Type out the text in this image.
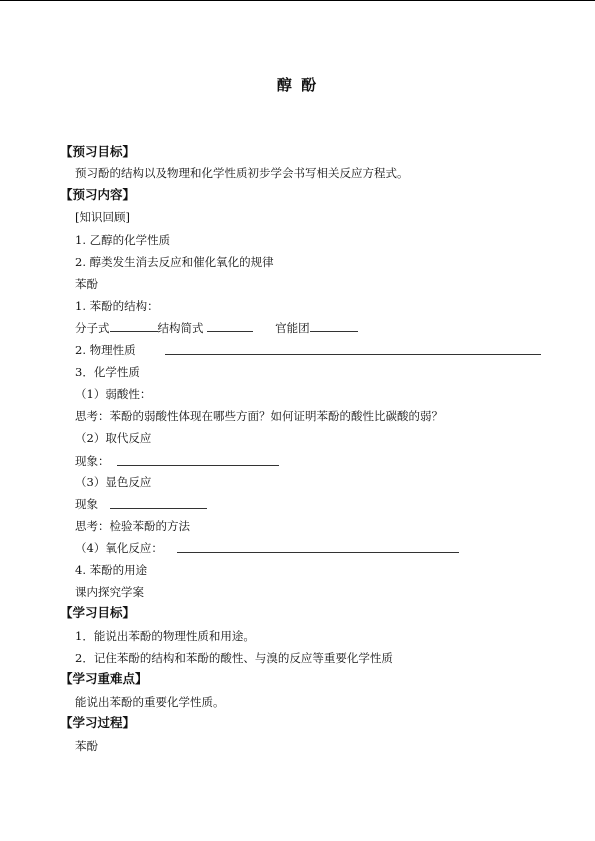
醇 酚
【预习目标】
预习酚的结构以及物理和化学性质初步学会书写相关反应方程式。
【预习内容】
[知识回顾]
1. 乙醇的化学性质
2. 醇类发生消去反应和催化氧化的规律
苯酚
1. 苯酚的结构：
分子式	结构简式	官能团
2. 物理性质
3．化学性质
（1）弱酸性：
思考：苯酚的弱酸性体现在哪些方面？如何证明苯酚的酸性比碳酸的弱？
（2）取代反应
现象：
（3）显色反应
现象
思考：检验苯酚的方法
（4）氧化反应：
4. 苯酚的用途
课内探究学案
【学习目标】
1．能说出苯酚的物理性质和用途。
2．记住苯酚的结构和苯酚的酸性、与溴的反应等重要化学性质
【学习重难点】
能说出苯酚的重要化学性质。
【学习过程】
苯酚
